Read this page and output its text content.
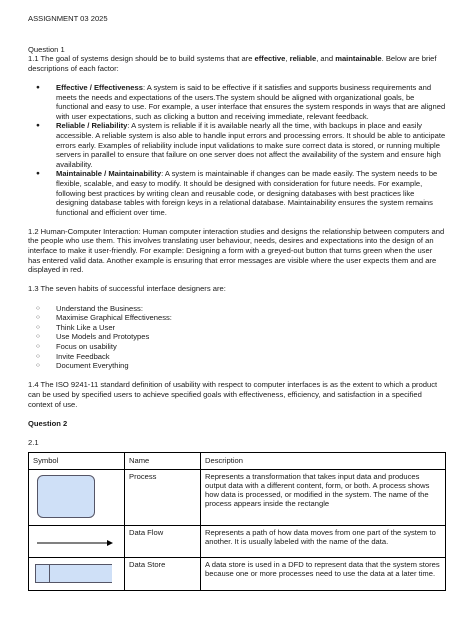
ASSIGNMENT 03 2025

Question 1

1.1 The goal of systems design should be to build systems that are effective, reliable, and maintainable. Below are brief descriptions of each factor:

● Effective / Effectiveness: A system is said to be effective if it satisfies and supports business requirements and meets the needs and expectations of the users.The system should be aligned with organizational goals, be functional and easy to use. For example, a user interface that ensures the system responds in ways that are aligned with user expectations, such as clicking a button and receiving immediate, relevant feedback.
● Reliable / Reliability: A system is reliable if it is available nearly all the time, with backups in place and easily accessible. A reliable system is also able to handle input errors and processing errors. It should be able to anticipate errors early. Examples of reliability include input validations to make sure correct data is stored, or running multiple servers in parallel to ensure that failure on one server does not affect the availability of the system and ensure high availability.
● Maintainable / Maintainability: A system is maintainable if changes can be made easily. The system needs to be flexible, scalable, and easy to modify. It should be designed with consideration for future needs. For example, following best practices by writing clean and reusable code, or designing databases with best practices like designing database tables with foreign keys in a relational database. Maintainability ensures the system remains functional and efficient over time.

1.2 Human-Computer Interaction: Human computer interaction studies and designs the relationship between computers and the people who use them. This involves translating user behaviour, needs, desires and expectations into the design of an interface to make it user-friendly. For example: Designing a form with a greyed-out button that turns green when the user has entered valid data. Another example is ensuring that error messages are visible where the user expects them and are displayed in red.

1.3 The seven habits of successful interface designers are:

○ Understand the Business:
○ Maximise Graphical Effectiveness:
○ Think Like a User
○ Use Models and Prototypes
○ Focus on usability
○ Invite Feedback
○ Document Everything

1.4 The ISO 9241-11 standard definition of usability with respect to computer interfaces is as the extent to which a product can be used by specified users to achieve specified goals with effectiveness, efficiency, and satisfaction in a specified context of use.

Question 2

2.1

Symbol	Name	Description

	Process	Represents a transformation that takes input data and produces output data with a different content, form, or both. A process shows how data is processed, or modified in the system. The name of the process appears inside the rectangle
	Data Flow	Represents a path of how data moves from one part of the system to another. It is usually labeled with the name of the data.

	Data Store	A data store is used in a DFD to represent data that the system stores because one or more processes need to use the data at a later time.
